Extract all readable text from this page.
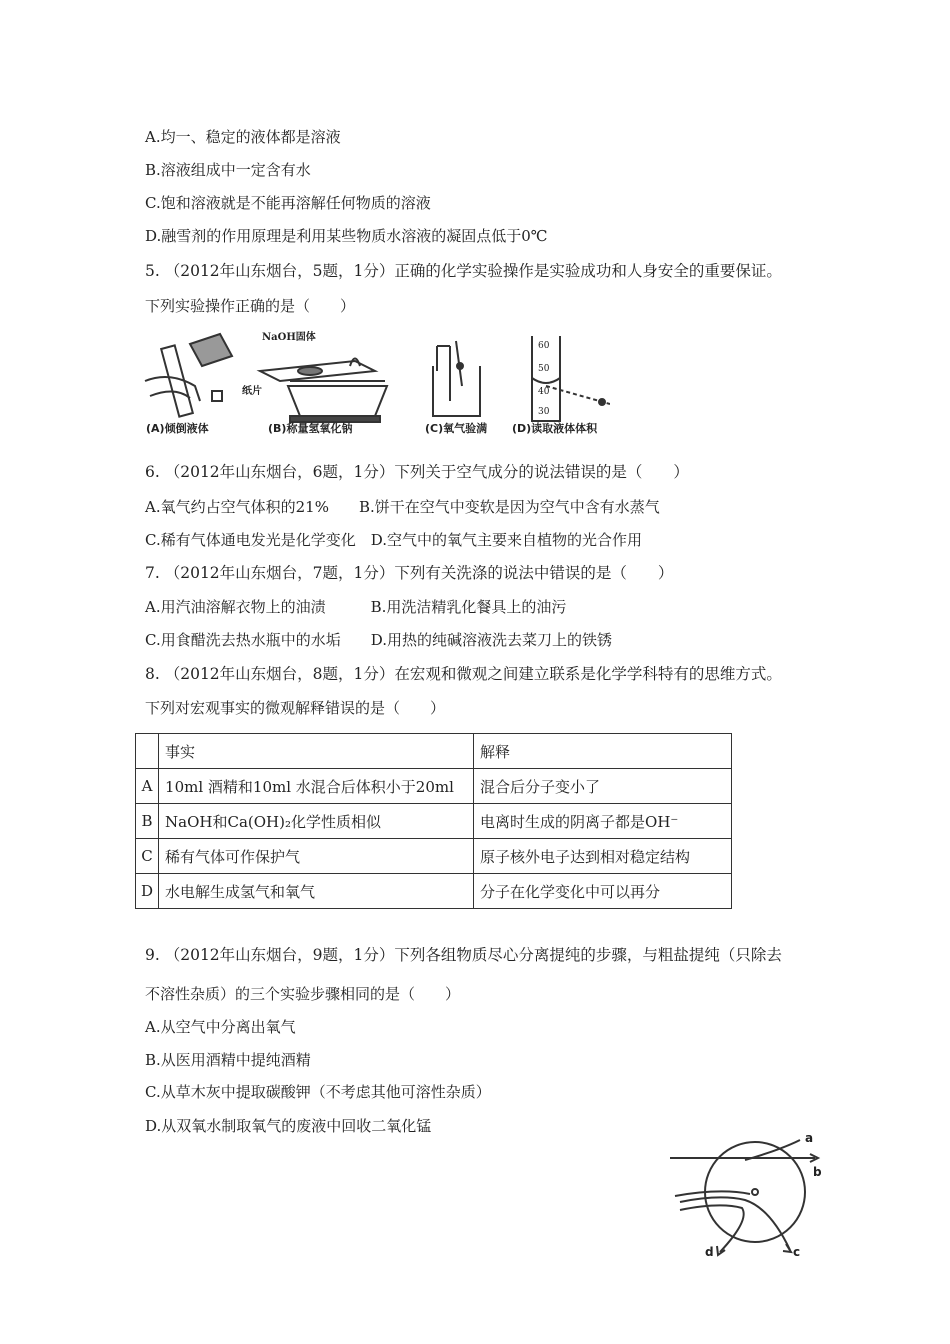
A.均一、稳定的液体都是溶液
B.溶液组成中一定含有水
C.饱和溶液就是不能再溶解任何物质的溶液
D.融雪剂的作用原理是利用某些物质水溶液的凝固点低于0℃
5. （2012年山东烟台，5题，1分）正确的化学实验操作是实验成功和人身安全的重要保证。
下列实验操作正确的是（　　）
(A)倾倒液体
NaOH固体
纸片
(B)称量氢氧化钠	(C)氧气验满
60
50
40
30
(D)读取液体体积
6. （2012年山东烟台，6题，1分）下列关于空气成分的说法错误的是（　　）
A.氧气约占空气体积的21%　　B.饼干在空气中变软是因为空气中含有水蒸气
C.稀有气体通电发光是化学变化　D.空气中的氧气主要来自植物的光合作用
7. （2012年山东烟台，7题，1分）下列有关洗涤的说法中错误的是（　　）
A.用汽油溶解衣物上的油渍　　　B.用洗洁精乳化餐具上的油污
C.用食醋洗去热水瓶中的水垢　　D.用热的纯碱溶液洗去菜刀上的铁锈
8. （2012年山东烟台，8题，1分）在宏观和微观之间建立联系是化学学科特有的思维方式。
下列对宏观事实的微观解释错误的是（　　）
	事实	解释
A	10ml 酒精和10ml 水混合后体积小于20ml	混合后分子变小了
B	NaOH和Ca(OH)₂化学性质相似	电离时生成的阴离子都是OH⁻
C	稀有气体可作保护气	原子核外电子达到相对稳定结构
D	水电解生成氢气和氧气	分子在化学变化中可以再分
9. （2012年山东烟台，9题，1分）下列各组物质尽心分离提纯的步骤，与粗盐提纯（只除去
不溶性杂质）的三个实验步骤相同的是（　　）
A.从空气中分离出氧气
B.从医用酒精中提纯酒精
C.从草木灰中提取碳酸钾（不考虑其他可溶性杂质）
D.从双氧水制取氧气的废液中回收二氧化锰
a
b
c
d
